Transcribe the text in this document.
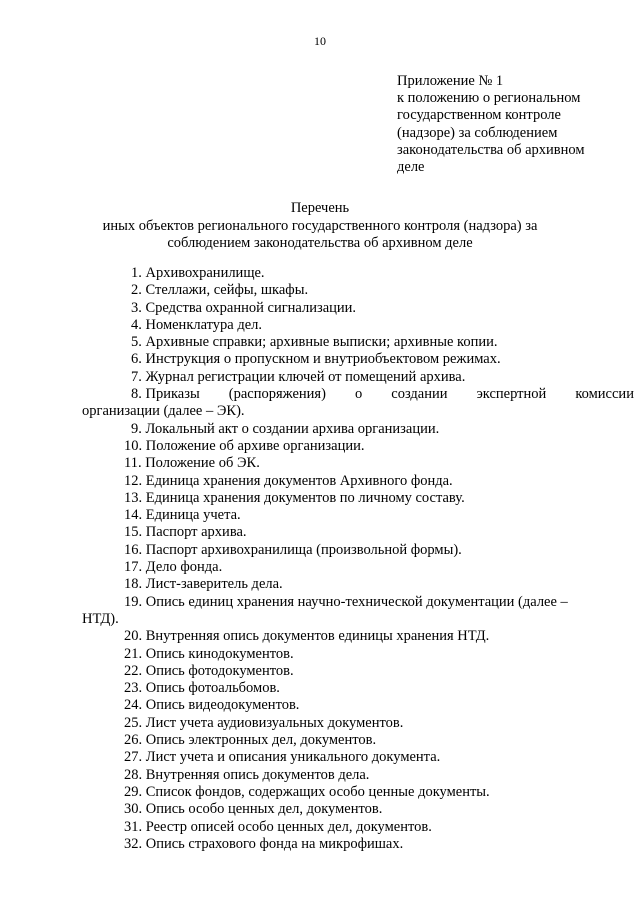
10
Приложение № 1
к положению о региональном
государственном контроле
(надзоре) за соблюдением
законодательства об архивном
деле
Перечень
иных объектов регионального государственного контроля (надзора) за
соблюдением законодательства об архивном деле
1. Архивохранилище.
2. Стеллажи, сейфы, шкафы.
3. Средства охранной сигнализации.
4. Номенклатура дел.
5. Архивные справки; архивные выписки; архивные копии.
6. Инструкция о пропускном и внутриобъектовом режимах.
7. Журнал регистрации ключей от помещений архива.
8. Приказы (распоряжения) о создании экспертной комиссии
организации (далее – ЭК).
9. Локальный акт о создании архива организации.
10. Положение об архиве организации.
11. Положение об ЭК.
12. Единица хранения документов Архивного фонда.
13. Единица хранения документов по личному составу.
14. Единица учета.
15. Паспорт архива.
16. Паспорт архивохранилища (произвольной формы).
17. Дело фонда.
18. Лист-заверитель дела.
19. Опись единиц хранения научно-технической документации (далее –
НТД).
20. Внутренняя опись документов единицы хранения НТД.
21. Опись кинодокументов.
22. Опись фотодокументов.
23. Опись фотоальбомов.
24. Опись видеодокументов.
25. Лист учета аудиовизуальных документов.
26. Опись электронных дел, документов.
27. Лист учета и описания уникального документа.
28. Внутренняя опись документов дела.
29. Список фондов, содержащих особо ценные документы.
30. Опись особо ценных дел, документов.
31. Реестр описей особо ценных дел, документов.
32. Опись страхового фонда на микрофишах.
